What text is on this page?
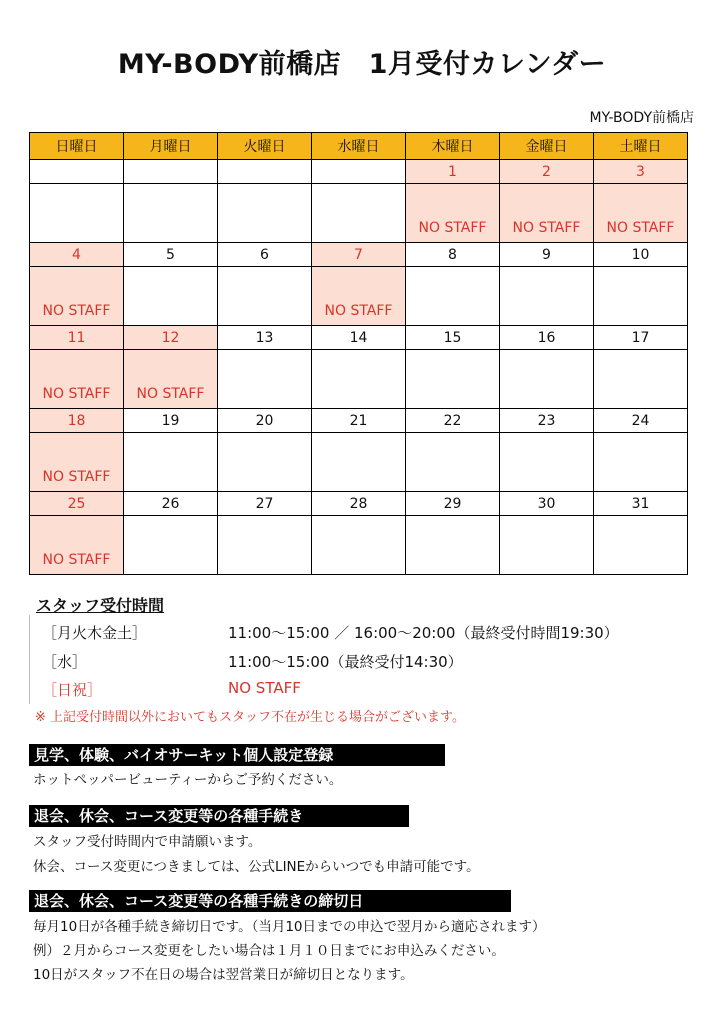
MY-BODY前橋店　1月受付カレンダー
MY-BODY前橋店
日曜日	月曜日	火曜日	水曜日	木曜日	金曜日	土曜日
				1	2	3
				NO STAFF	NO STAFF	NO STAFF
4	5	6	7	8	9	10
NO STAFF			NO STAFF			
11	12	13	14	15	16	17
NO STAFF	NO STAFF					
18	19	20	21	22	23	24
NO STAFF						
25	26	27	28	29	30	31
NO STAFF						
スタッフ受付時間
［月火木金土］	11:00～15:00 ／ 16:00～20:00（最終受付時間19:30）
［水］	11:00～15:00（最終受付14:30）
［日祝］	NO STAFF
※ 上記受付時間以外においてもスタッフ不在が生じる場合がございます。
見学、体験、バイオサーキット個人設定登録
ホットペッパービューティーからご予約ください。
退会、休会、コース変更等の各種手続き
スタッフ受付時間内で申請願います。
休会、コース変更につきましては、公式LINEからいつでも申請可能です。
退会、休会、コース変更等の各種手続きの締切日
毎月10日が各種手続き締切日です。（当月10日までの申込で翌月から適応されます）
例）２月からコース変更をしたい場合は１月１０日までにお申込みください。
10日がスタッフ不在日の場合は翌営業日が締切日となります。
